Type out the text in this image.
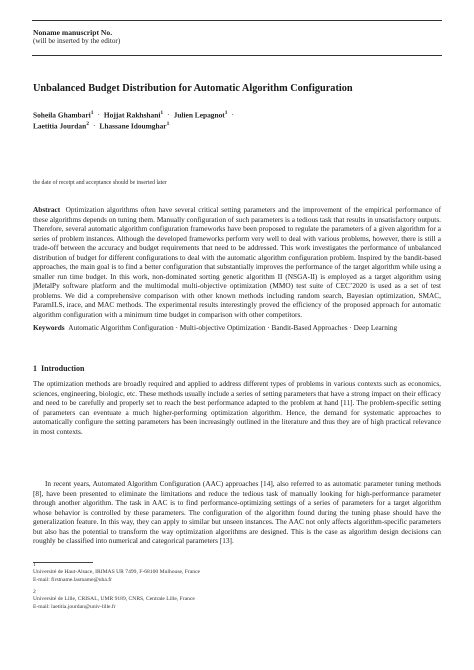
Noname manuscript No.
(will be inserted by the editor)
Unbalanced Budget Distribution for Automatic Algorithm Configuration
Soheila Ghambari$^1$ · Hojjat Rakhshani$^1$ · Julien Lepagnot$^1$ ·
Laetitia Jourdan$^2$ · Lhassane Idoumghar$^1$
the date of receipt and acceptance should be inserted later
Abstract Optimization algorithms often have several critical setting parameters and the improvement of the empirical performance of these algorithms depends on tuning them. Manually configuration of such parameters is a tedious task that results in unsatisfactory outputs. Therefore, several automatic algorithm configuration frameworks have been proposed to regulate the parameters of a given algorithm for a series of problem instances. Although the developed frameworks perform very well to deal with various problems, however, there is still a trade-off between the accuracy and budget requirements that need to be addressed. This work investigates the performance of unbalanced distribution of budget for different configurations to deal with the automatic algorithm configuration problem. Inspired by the bandit-based approaches, the main goal is to find a better configuration that substantially improves the performance of the target algorithm while using a smaller run time budget. In this work, non-dominated sorting genetic algorithm II (NSGA-II) is employed as a target algorithm using jMetalPy software platform and the multimodal multi-objective optimization (MMO) test suite of CEC’2020 is used as a set of test problems. We did a comprehensive comparison with other known methods including random search, Bayesian optimization, SMAC, ParamILS, irace, and MAC methods. The experimental results interestingly proved the efficiency of the proposed approach for automatic algorithm configuration with a minimum time budget in comparison with other competitors.
Keywords Automatic Algorithm Configuration · Multi-objective Optimization · Bandit-Based Approaches · Deep Learning
1 Introduction
The optimization methods are broadly required and applied to address different types of problems in various contexts such as economics, sciences, engineering, biologic, etc. These methods usually include a series of setting parameters that have a strong impact on their efficacy and need to be carefully and properly set to reach the best performance adapted to the problem at hand [11]. The problem-specific setting of parameters can eventuate a much higher-performing optimization algorithm. Hence, the demand for systematic approaches to automatically configure the setting parameters has been increasingly outlined in the literature and thus they are of high practical relevance in most contexts.
In recent years, Automated Algorithm Configuration (AAC) approaches [14], also referred to as automatic parameter tuning methods [8], have been presented to eliminate the limitations and reduce the tedious task of manually looking for high-performance parameter through another algorithm. The task in AAC is to find performance-optimizing settings of a series of parameters for a target algorithm whose behavior is controlled by these parameters. The configuration of the algorithm found during the tuning phase should have the generalization feature. In this way, they can apply to similar but unseen instances. The AAC not only affects algorithm-specific parameters but also has the potential to transform the way optimization algorithms are designed. This is the case as algorithm design decisions can roughly be classified into numerical and categorical parameters [13].
1
Université de Haut-Alsace, IRIMAS UR 7499, F-68100 Mulhouse, France
E-mail: firstname.lastname@uha.fr
2
Université de Lille, CRISAL, UMR 9189, CNRS, Centrale Lille, France
E-mail: laetitia.jourdan@univ-lille.fr
